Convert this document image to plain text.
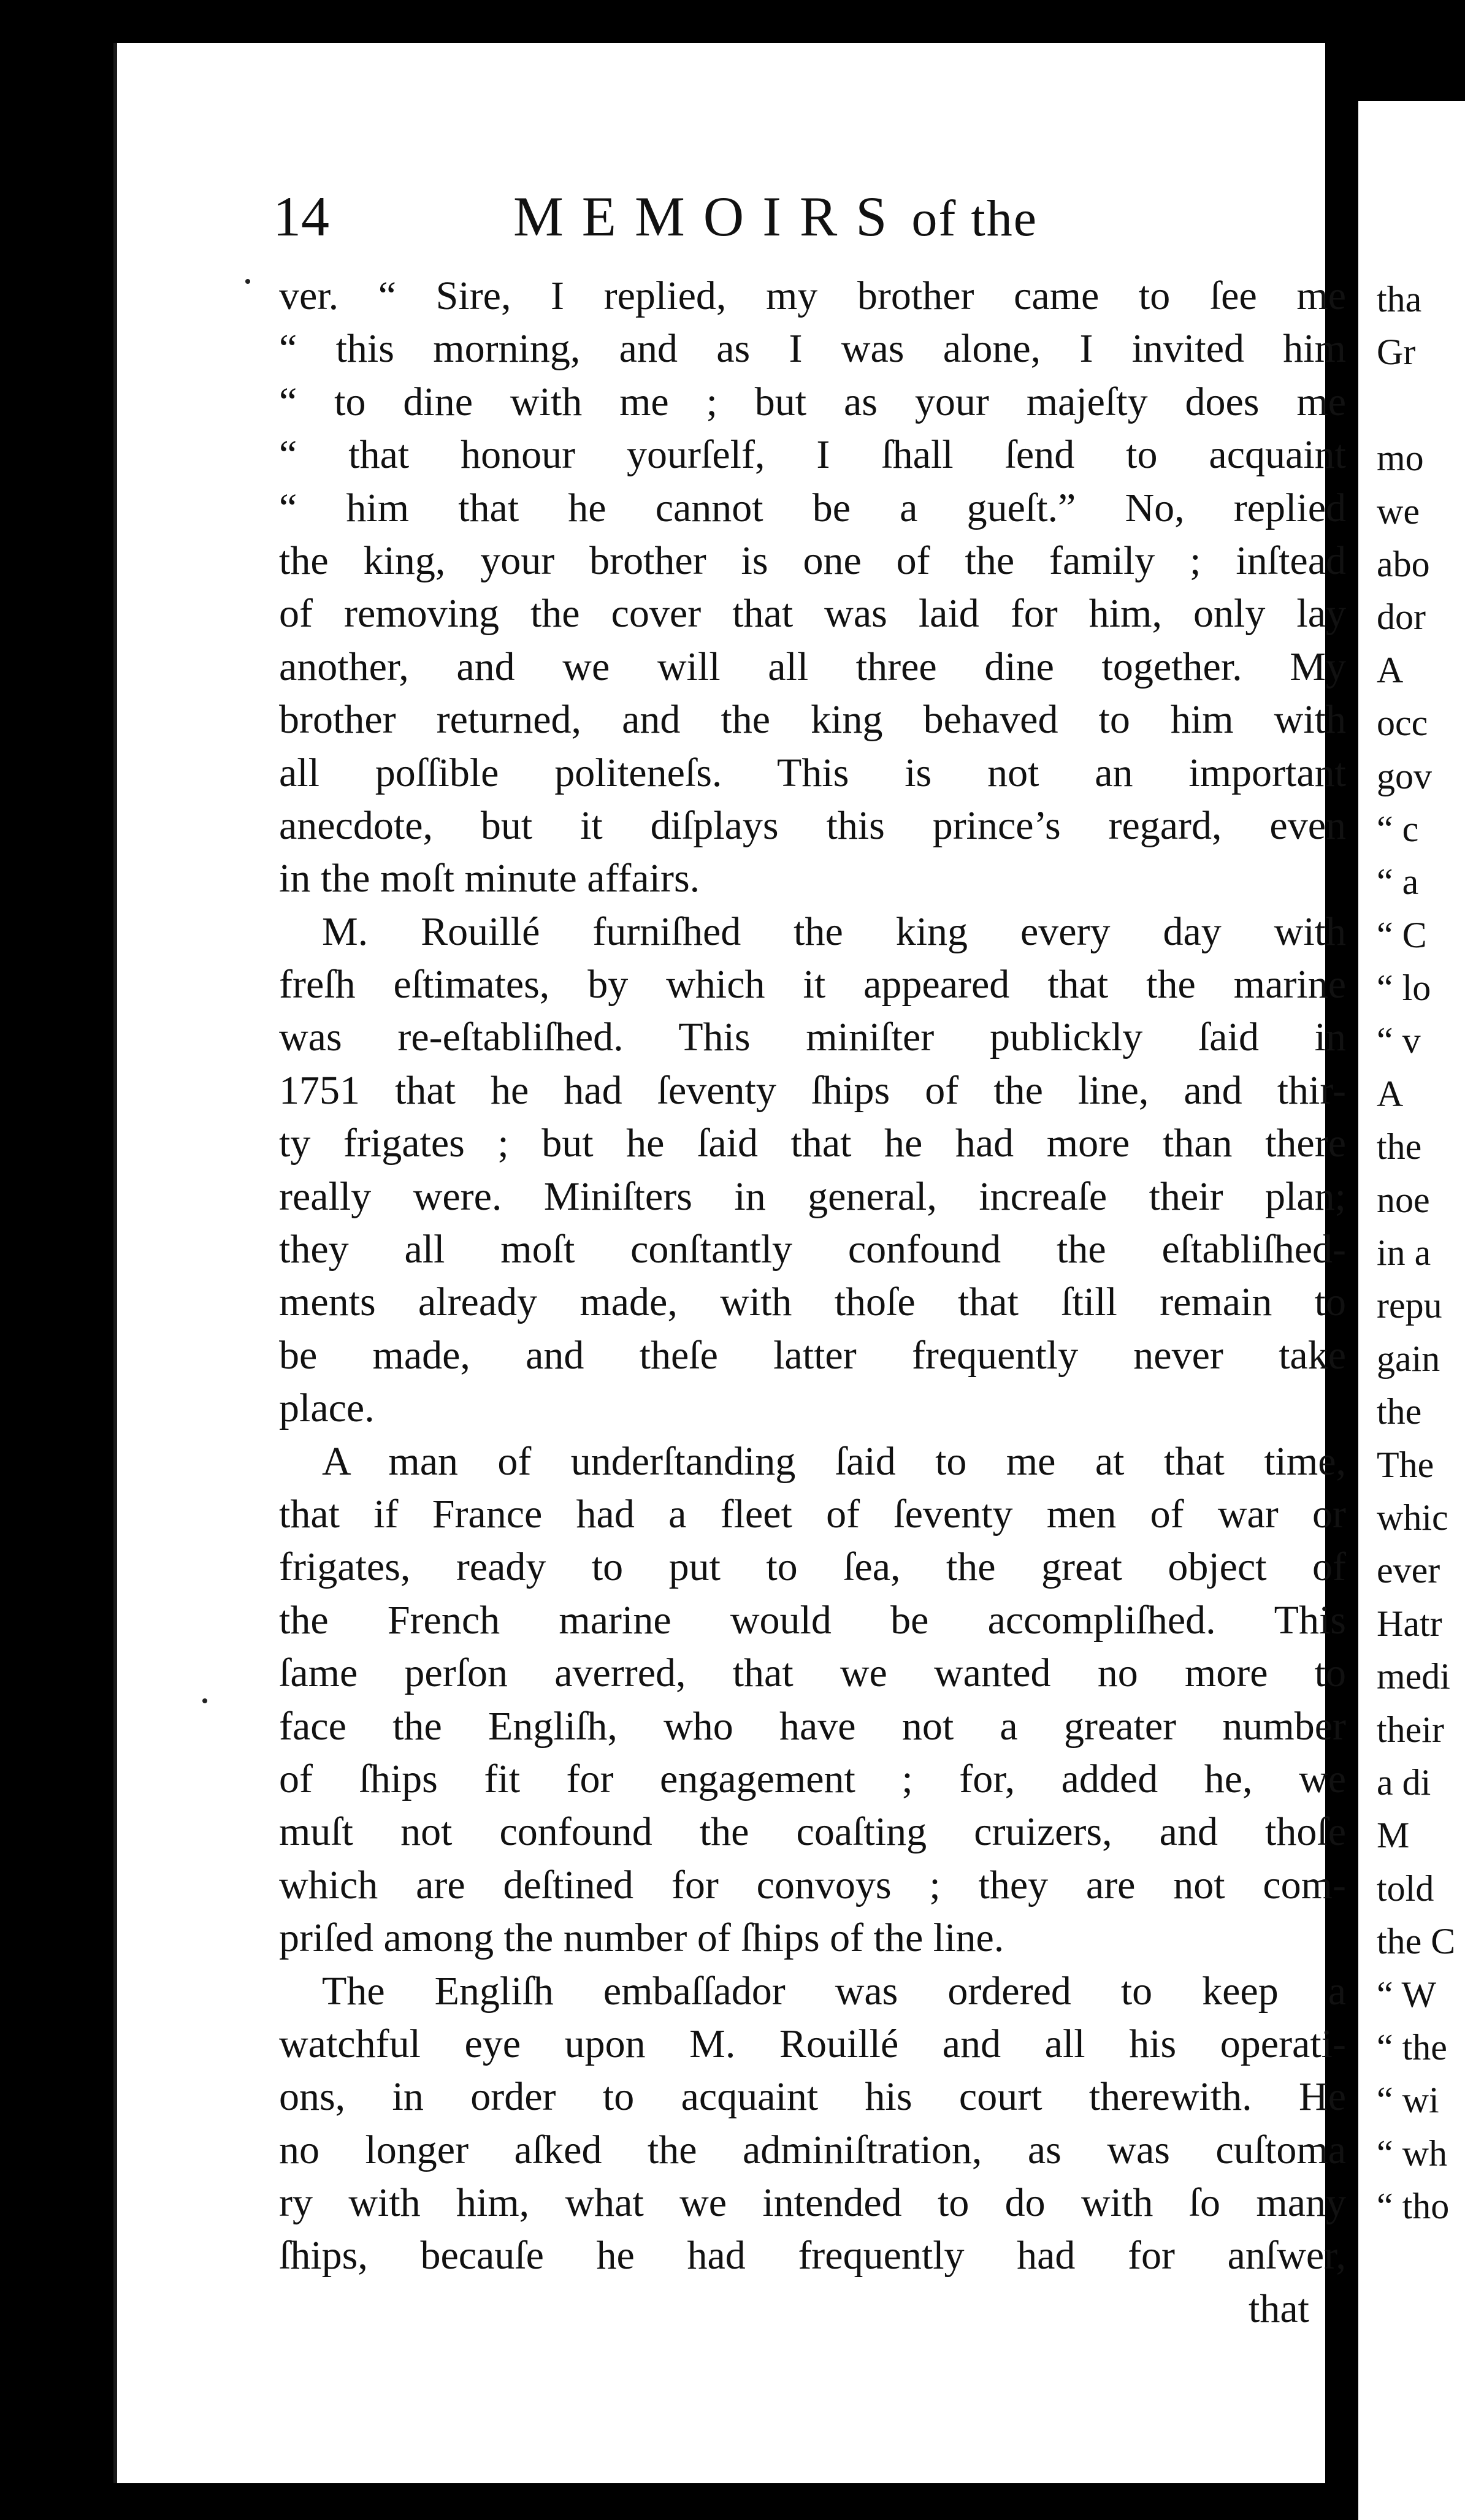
14	MEMOIRS of the
ver. “ Sire, I replied, my brother came to ſee me
“ this morning, and as I was alone, I invited him
“ to dine with me ; but as your majeſty does me
“ that honour yourſelf, I ſhall ſend to acquaint
“ him that he cannot be a gueſt.” No, replied
the king, your brother is one of the family ; inſtead
of removing the cover that was laid for him, only lay
another, and we will all three dine together. My
brother returned, and the king behaved to him with
all poſſible politeneſs. This is not an important
anecdote, but it diſplays this prince’s regard, even
in the moſt minute affairs.
M. Rouillé furniſhed the king every day with
freſh eſtimates, by which it appeared that the marine
was re-eſtabliſhed. This miniſter publickly ſaid in
1751 that he had ſeventy ſhips of the line, and thir-
ty frigates ; but he ſaid that he had more than there
really were. Miniſters in general, increaſe their plan;
they all moſt conſtantly confound the eſtabliſhed-
ments already made, with thoſe that ſtill remain to
be made, and theſe latter frequently never take
place.
A man of underſtanding ſaid to me at that time,
that if France had a fleet of ſeventy men of war or
frigates, ready to put to ſea, the great object of
the French marine would be accompliſhed. This
ſame perſon averred, that we wanted no more to
face the Engliſh, who have not a greater number
of ſhips fit for engagement ; for, added he, we
muſt not confound the coaſting cruizers, and thoſe
which are deſtined for convoys ; they are not com-
priſed among the number of ſhips of the line.
The Engliſh embaſſador was ordered to keep a
watchful eye upon M. Rouillé and all his operati-
ons, in order to acquaint his court therewith. He
no longer aſked the adminiſtration, as was cuſtoma
ry with him, what we intended to do with ſo many
ſhips, becauſe he had frequently had for anſwer,
that
tha
Gr
mo
we
abo
dor
A
occ
gov
“ c
“ a
“ C
“ lo
“ v
A
the
noe
in a
repu
gain
the
The
whic
ever
Hatr
medi
their
a di
M
told
the C
“ W
“ the
“ wi
“ wh
“ tho
